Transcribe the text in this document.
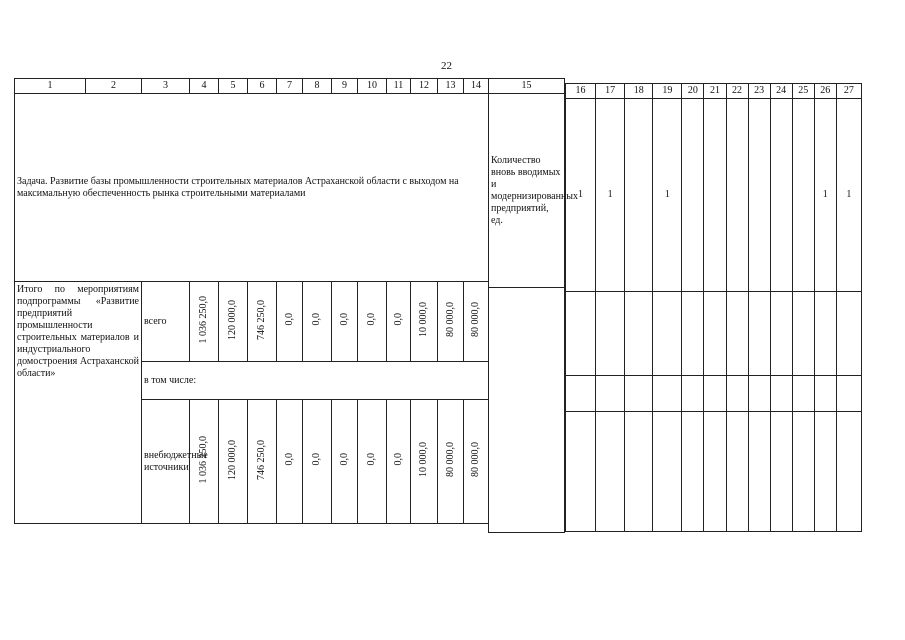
22
1	2	3	4	5	6	7	8	9	10	11	12	13	14
Задача. Развитие базы промышленности строительных материалов Астраханской области с выходом на максимальную обеспеченность рынка строительными материалами												
Итого по мероприятиям подпрограммы «Развитие предприятий промышленности строительных материалов и индустриального домостроения Астраханской области»		всего	1 036 250,0	120 000,0	746 250,0	0,0	0,0	0,0	0,0	0,0	10 000,0	80 000,0	80 000,0
		в том числе:											
		внебюджетные источники	1 036 250,0	120 000,0	746 250,0	0,0	0,0	0,0	0,0	0,0	10 000,0	80 000,0	80 000,0
15
Количество вновь вводимых и модернизированных предприятий, ед.

16	17	18	19	20	21	22	23	24	25	26	27
1	1		1							1	1
